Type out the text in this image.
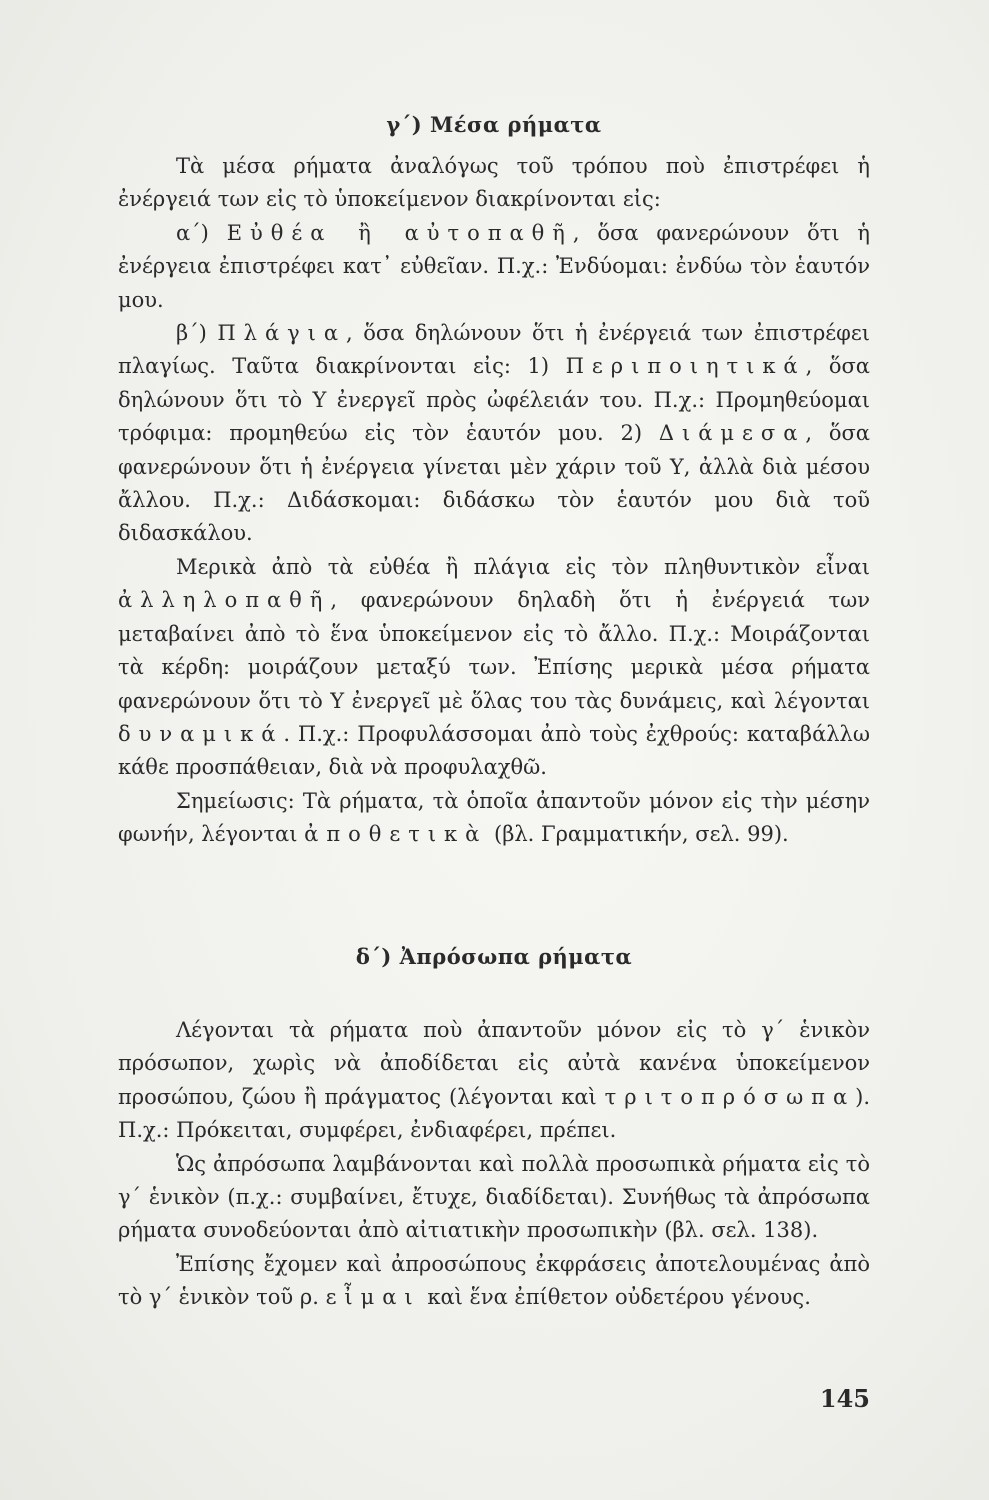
γ΄) Μέσα ρήματα

Τὰ μέσα ρήματα ἀναλόγως τοῦ τρόπου ποὺ ἐπιστρέφει ἡ ἐνέργειά των εἰς τὸ ὑποκείμενον διακρίνονται εἰς:

α΄) Εὐθέα ἢ αὐτοπαθῆ, ὅσα φανερώνουν ὅτι ἡ ἐνέργεια ἐπιστρέφει κατ᾽ εὐθεῖαν. Π.χ.: Ἐνδύομαι: ἐνδύω τὸν ἑαυτόν μου.

β΄) Πλάγια, ὅσα δηλώνουν ὅτι ἡ ἐνέργειά των ἐπιστρέφει πλαγίως. Ταῦτα διακρίνονται εἰς: 1) Περιποιητικά, ὅσα δηλώνουν ὅτι τὸ Υ ἐνεργεῖ πρὸς ὠφέλειάν του. Π.χ.: Προμηθεύομαι τρόφιμα: προμηθεύω εἰς τὸν ἑαυτόν μου. 2) Διάμεσα, ὅσα φανερώνουν ὅτι ἡ ἐνέργεια γίνεται μὲν χάριν τοῦ Υ, ἀλλὰ διὰ μέσου ἄλλου. Π.χ.: Διδάσκομαι: διδάσκω τὸν ἑαυτόν μου διὰ τοῦ διδασκάλου.

Μερικὰ ἀπὸ τὰ εὐθέα ἢ πλάγια εἰς τὸν πληθυντικὸν εἶναι ἀλληλοπαθῆ, φανερώνουν δηλαδὴ ὅτι ἡ ἐνέργειά των μεταβαίνει ἀπὸ τὸ ἕνα ὑποκείμενον εἰς τὸ ἄλλο. Π.χ.: Μοιράζονται τὰ κέρδη: μοιράζουν μεταξύ των. Ἐπίσης μερικὰ μέσα ρήματα φανερώνουν ὅτι τὸ Υ ἐνεργεῖ μὲ ὅλας του τὰς δυνάμεις, καὶ λέγονται δυναμικά. Π.χ.: Προφυλάσσομαι ἀπὸ τοὺς ἐχθρούς: καταβάλλω κάθε προσπάθειαν, διὰ νὰ προφυλαχθῶ.

Σημείωσις: Τὰ ρήματα, τὰ ὁποῖα ἀπαντοῦν μόνον εἰς τὴν μέσην φωνήν, λέγονται ἀποθετικὰ (βλ. Γραμματικήν, σελ. 99).

δ΄) Ἀπρόσωπα ρήματα

Λέγονται τὰ ρήματα ποὺ ἀπαντοῦν μόνον εἰς τὸ γ΄ ἑνικὸν πρόσωπον, χωρὶς νὰ ἀποδίδεται εἰς αὐτὰ κανένα ὑποκείμενον προσώπου, ζώου ἢ πράγματος (λέγονται καὶ τριτοπρόσωπα). Π.χ.: Πρόκειται, συμφέρει, ἐνδιαφέρει, πρέπει.

Ὡς ἀπρόσωπα λαμβάνονται καὶ πολλὰ προσωπικὰ ρήματα εἰς τὸ γ΄ ἑνικὸν (π.χ.: συμβαίνει, ἔτυχε, διαδίδεται). Συνήθως τὰ ἀπρόσωπα ρήματα συνοδεύονται ἀπὸ αἰτιατικὴν προσωπικὴν (βλ. σελ. 138).

Ἐπίσης ἔχομεν καὶ ἀπροσώπους ἐκφράσεις ἀποτελουμένας ἀπὸ τὸ γ΄ ἑνικὸν τοῦ ρ. εἶμαι καὶ ἕνα ἐπίθετον οὐδετέρου γένους.

145
